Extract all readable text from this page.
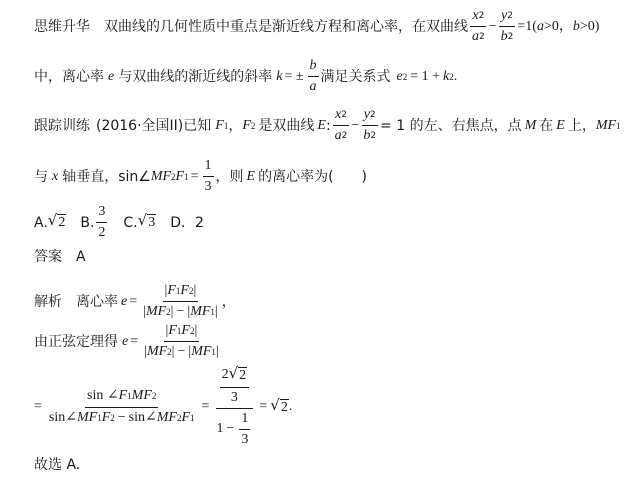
思维升华 双曲线的几何性质中重点是渐近线方程和离心率，在双曲线 $\frac{x 2}{a 2} - \frac{y 2}{b 2} =1$( a >0， b >0)
中，离心率 e 与双曲线的渐近线的斜率 k = ± $\frac{b}{a}$ 满足关系式 e 2 = 1 + k 2 .
跟踪训练 (2016·全国II)已知 F 1 ， F 2 是双曲线 E : $\frac{x 2}{a 2} - \frac{y 2}{b 2} = 1$ 的左、右焦点，点 M 在 E 上， MF 1
与 x 轴垂直，sin∠ MF 2 F $1 = \frac{1}{3}$ ，则 E 的离心率为(　　)
A. √ 2 B. $\frac{3}{2} C$. √ 3 D．2
答案 A
解析 离心率 $e = \frac{| F 1 F 2 |}{| MF 2 | - | MF 1 |}$ ，
由正弦定理得 $e = \frac{| F 1 F 2 |}{| MF 2 | - | MF 1 |}$
= $\frac{\sin \angle F 1 MF 2}{\sin\angle MF 1 F 2 - \sin\angle MF 2 F 1} = \frac{\frac{2 √ 2}{3}}{1 - \frac{1}{3}}$ = √ 2 .
故选 A.
